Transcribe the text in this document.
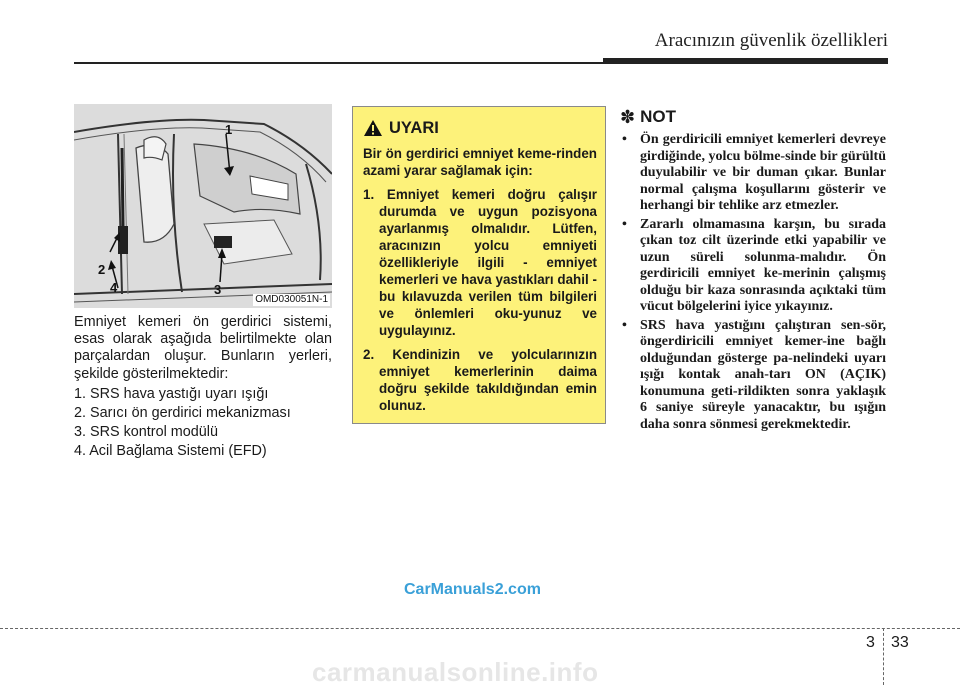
Aracınızın güvenlik özellikleri
1
2
3
4
OMD030051N-1

Emniyet kemeri ön gerdirici sistemi, esas olarak aşağıda belirtilmekte olan parçalardan oluşur. Bunların yerleri, şekilde gösterilmektedir:

1. SRS hava yastığı uyarı ışığı

2. Sarıcı ön gerdirici mekanizması

3. SRS kontrol modülü

4. Acil Bağlama Sistemi (EFD)

UYARI

Bir ön gerdirici emniyet keme-rinden azami yarar sağlamak için:

1. Emniyet kemeri doğru çalışır durumda ve uygun pozisyona ayarlanmış olmalıdır. Lütfen, aracınızın yolcu emniyeti özellikleriyle ilgili - emniyet kemerleri ve hava yastıkları dahil - bu kılavuzda verilen tüm bilgileri ve önlemleri oku-yunuz ve uygulayınız.

2. Kendinizin ve yolcularınızın emniyet kemerlerinin daima doğru şekilde takıldığından emin olunuz.

✽ NOT
• Ön gerdiricili emniyet kemerleri devreye girdiğinde, yolcu bölme-sinde bir gürültü duyulabilir ve bir duman çıkar. Bunlar normal çalışma koşullarını gösterir ve herhangi bir tehlike arz etmezler.
• Zararlı olmamasına karşın, bu sırada çıkan toz cilt üzerinde etki yapabilir ve uzun süreli solunma-malıdır. Ön gerdiricili emniyet ke-merinin çalışmış olduğu bir kaza sonrasında açıktaki tüm vücut bölgelerini iyice yıkayınız.
• SRS hava yastığını çalıştıran sen-sör, öngerdiricili emniyet kemer-ine bağlı olduğundan gösterge pa-nelindeki uyarı ışığı kontak anah-tarı ON (AÇIK) konumuna geti-rildikten sonra yaklaşık 6 saniye süreyle yanacaktır, bu ışığın daha sonra sönmesi gerekmektedir.
CarManuals2.com
3 33
carmanualsonline.info
